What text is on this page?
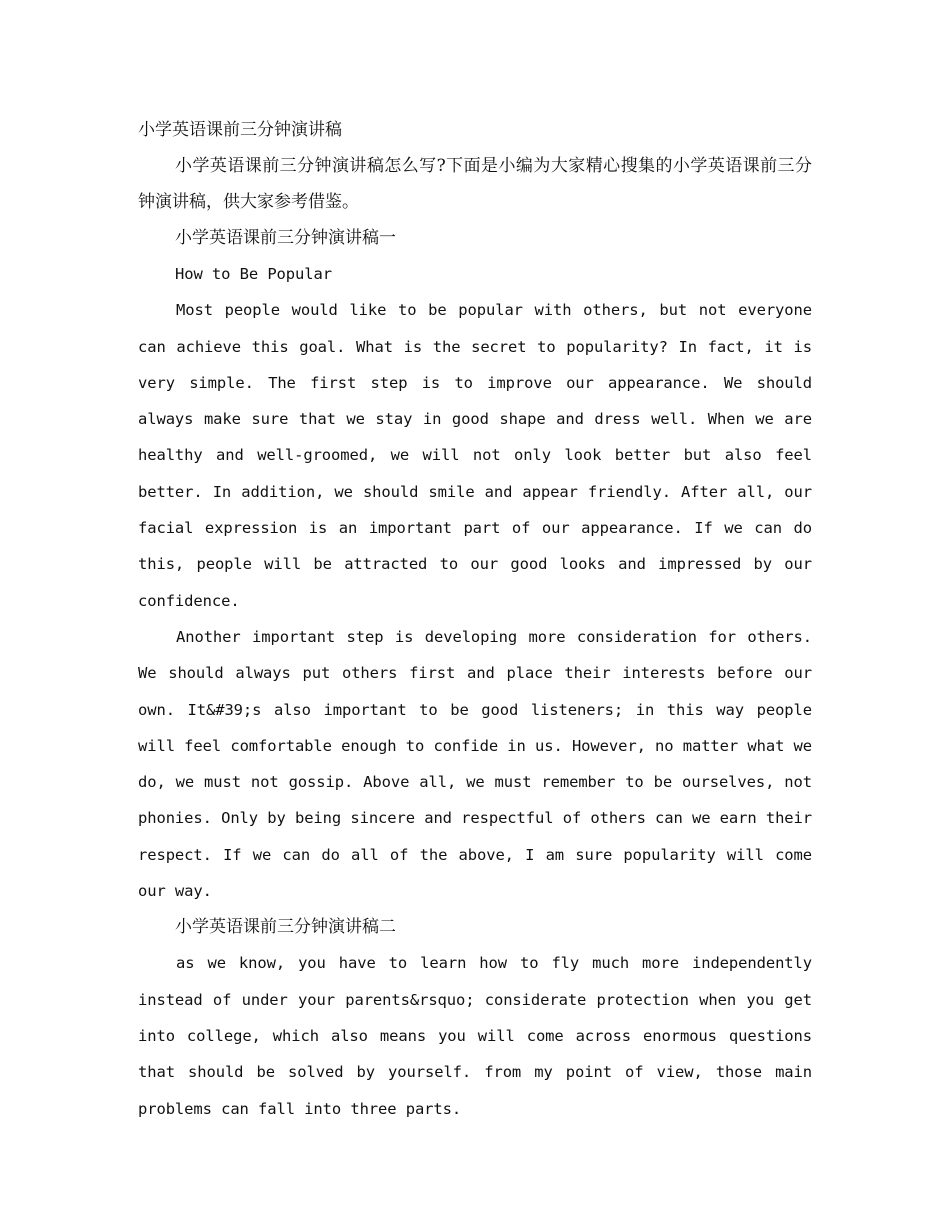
小学英语课前三分钟演讲稿

小学英语课前三分钟演讲稿怎么写?下面是小编为大家精心搜集的小学英语课前三分钟演讲稿，供大家参考借鉴。

小学英语课前三分钟演讲稿一

How to Be Popular

Most people would like to be popular with others, but not everyone can achieve this goal. What is the secret to popularity? In fact, it is very simple. The first step is to improve our appearance. We should always make sure that we stay in good shape and dress well. When we are healthy and well-groomed, we will not only look better but also feel better. In addition, we should smile and appear friendly. After all, our facial expression is an important part of our appearance. If we can do this, people will be attracted to our good looks and impressed by our confidence.

Another important step is developing more consideration for others. We should always put others first and place their interests before our own. It&#39;s also important to be good listeners; in this way people will feel comfortable enough to confide in us. However, no matter what we do, we must not gossip. Above all, we must remember to be ourselves, not phonies. Only by being sincere and respectful of others can we earn their respect. If we can do all of the above, I am sure popularity will come our way.

小学英语课前三分钟演讲稿二

as we know, you have to learn how to fly much more independently instead of under your parents&rsquo; considerate protection when you get into college, which also means you will come across enormous questions that should be solved by yourself. from my point of view, those main problems can fall into three parts.
